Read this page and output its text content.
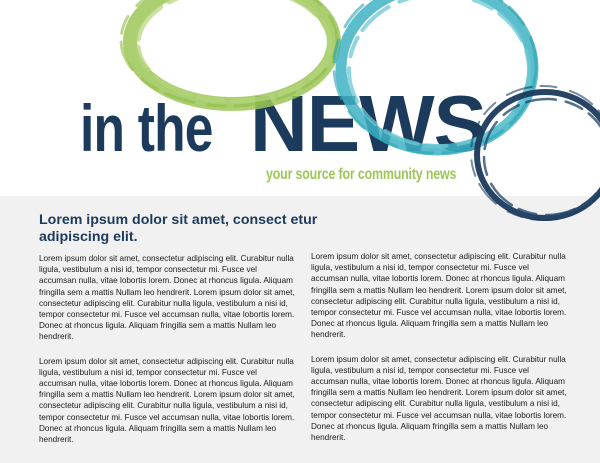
in the NEWS
your source for community news
Lorem ipsum dolor sit amet, consect etur adipiscing elit.

Lorem ipsum dolor sit amet, consectetur adipiscing elit. Curabitur nulla ligula, vestibulum a nisi id, tempor consectetur mi. Fusce vel accumsan nulla, vitae lobortis lorem. Donec at rhoncus ligula. Aliquam fringilla sem a mattis Nullam leo hendrerit. Lorem ipsum dolor sit amet, consectetur adipiscing elit. Curabitur nulla ligula, vestibulum a nisi id, tempor consectetur mi. Fusce vel accumsan nulla, vitae lobortis lorem. Donec at rhoncus ligula. Aliquam fringilla sem a mattis Nullam leo hendrerit.

Lorem ipsum dolor sit amet, consectetur adipiscing elit. Curabitur nulla ligula, vestibulum a nisi id, tempor consectetur mi. Fusce vel accumsan nulla, vitae lobortis lorem. Donec at rhoncus ligula. Aliquam fringilla sem a mattis Nullam leo hendrerit. Lorem ipsum dolor sit amet, consectetur adipiscing elit. Curabitur nulla ligula, vestibulum a nisi id, tempor consectetur mi. Fusce vel accumsan nulla, vitae lobortis lorem. Donec at rhoncus ligula. Aliquam fringilla sem a mattis Nullam leo hendrerit.

Lorem ipsum dolor sit amet, consectetur adipiscing elit. Curabitur nulla ligula, vestibulum a nisi id, tempor consectetur mi. Fusce vel accumsan nulla, vitae lobortis lorem. Donec at rhoncus ligula. Aliquam fringilla sem a mattis Nullam leo hendrerit. Lorem ipsum dolor sit amet, consectetur adipiscing elit. Curabitur nulla ligula, vestibulum a nisi id, tempor consectetur mi. Fusce vel accumsan nulla, vitae lobortis lorem. Donec at rhoncus ligula. Aliquam fringilla sem a mattis Nullam leo hendrerit.

Lorem ipsum dolor sit amet, consectetur adipiscing elit. Curabitur nulla ligula, vestibulum a nisi id, tempor consectetur mi. Fusce vel accumsan nulla, vitae lobortis lorem. Donec at rhoncus ligula. Aliquam fringilla sem a mattis Nullam leo hendrerit. Lorem ipsum dolor sit amet, consectetur adipiscing elit. Curabitur nulla ligula, vestibulum a nisi id, tempor consectetur mi. Fusce vel accumsan nulla, vitae lobortis lorem. Donec at rhoncus ligula. Aliquam fringilla sem a mattis Nullam leo hendrerit.
